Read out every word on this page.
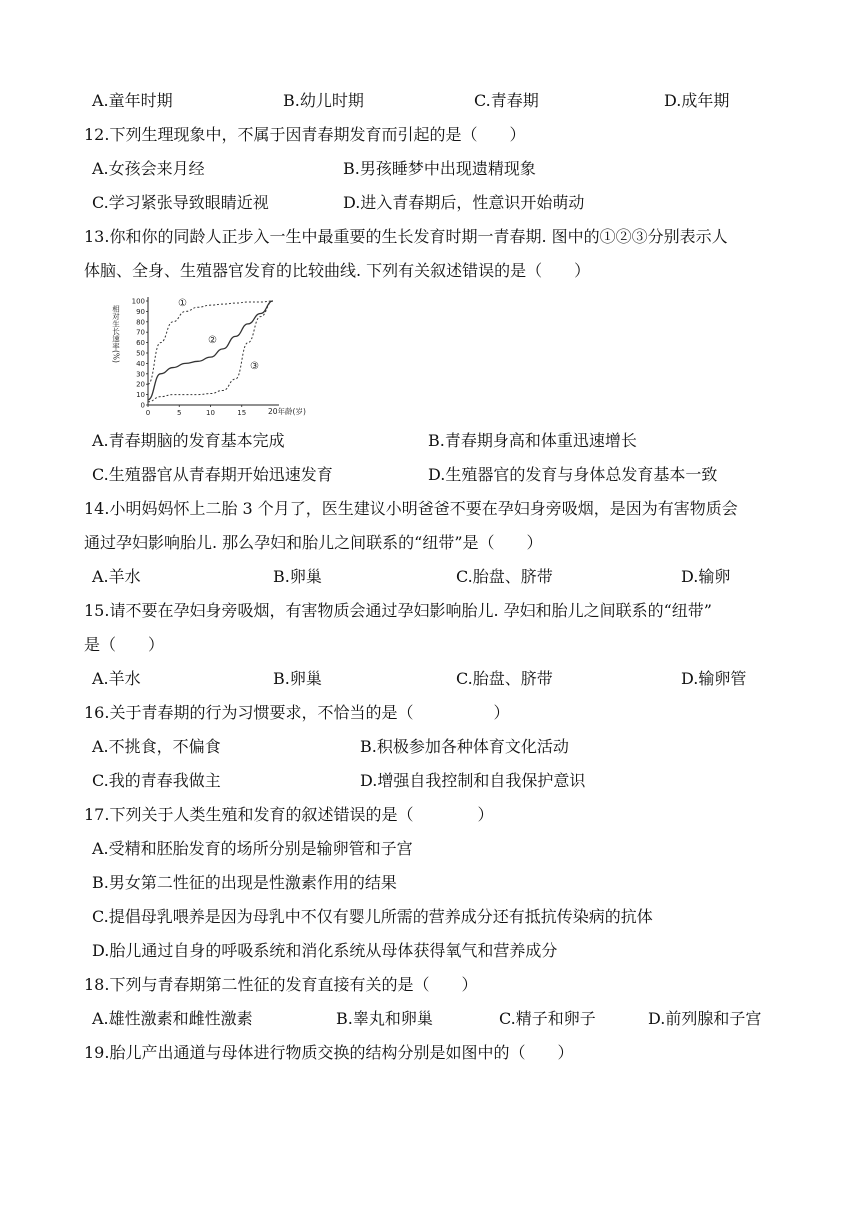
A.童年时期	B.幼儿时期	C.青春期	D.成年期
12.下列生理现象中，不属于因青春期发育而引起的是（　　）
A.女孩会来月经	B.男孩睡梦中出现遗精现象
C.学习紧张导致眼睛近视	D.进入青春期后，性意识开始萌动
13.你和你的同龄人正步入一生中最重要的生长发育时期一青春期. 图中的①②③分别表示人
体脑、全身、生殖器官发育的比较曲线. 下列有关叙述错误的是（　　）
0
10
20
30
40
50
60
70
80
90
100
0	5	10	15
相对生长速率(%)
20年龄(岁)
①
②
③
A.青春期脑的发育基本完成	B.青春期身高和体重迅速增长
C.生殖器官从青春期开始迅速发育	D.生殖器官的发育与身体总发育基本一致
14.小明妈妈怀上二胎 3 个月了，医生建议小明爸爸不要在孕妇身旁吸烟，是因为有害物质会
通过孕妇影响胎儿. 那么孕妇和胎儿之间联系的“纽带”是（　　）
A.羊水	B.卵巢	C.胎盘、脐带	D.输卵
15.请不要在孕妇身旁吸烟，有害物质会通过孕妇影响胎儿. 孕妇和胎儿之间联系的“纽带”
是（　　）
A.羊水	B.卵巢	C.胎盘、脐带	D.输卵管
16.关于青春期的行为习惯要求，不恰当的是（　　　　　）
A.不挑食，不偏食	B.积极参加各种体育文化活动
C.我的青春我做主	D.增强自我控制和自我保护意识
17.下列关于人类生殖和发育的叙述错误的是（　　　　）
A.受精和胚胎发育的场所分别是输卵管和子宫
B.男女第二性征的出现是性激素作用的结果
C.提倡母乳喂养是因为母乳中不仅有婴儿所需的营养成分还有抵抗传染病的抗体
D.胎儿通过自身的呼吸系统和消化系统从母体获得氧气和营养成分
18.下列与青春期第二性征的发育直接有关的是（　　）
A.雄性激素和雌性激素	B.睾丸和卵巢	C.精子和卵子	D.前列腺和子宫
19.胎儿产出通道与母体进行物质交换的结构分别是如图中的（　　）
